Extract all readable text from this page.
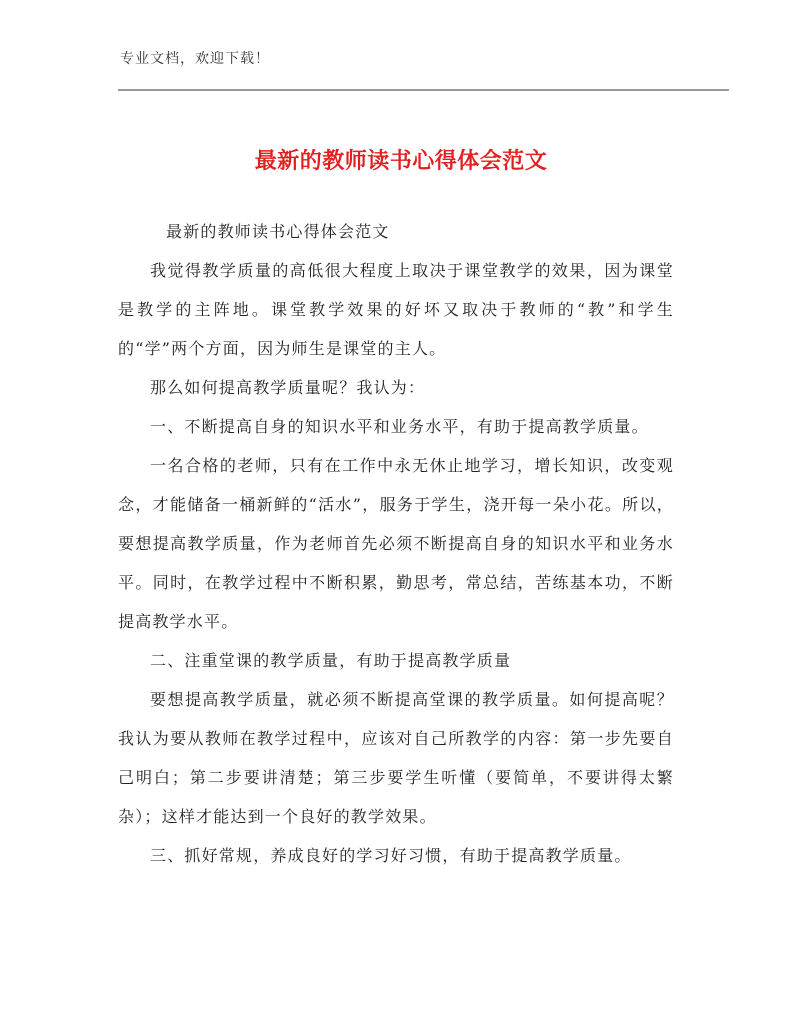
专业文档，欢迎下载！
最新的教师读书心得体会范文

最新的教师读书心得体会范文

我觉得教学质量的高低很大程度上取决于课堂教学的效果，因为课堂是教学的主阵地。课堂教学效果的好坏又取决于教师的“教”和学生的“学”两个方面，因为师生是课堂的主人。

那么如何提高教学质量呢？我认为：

一、不断提高自身的知识水平和业务水平，有助于提高教学质量。

一名合格的老师，只有在工作中永无休止地学习，增长知识，改变观念，才能储备一桶新鲜的“活水”，服务于学生，浇开每一朵小花。所以，要想提高教学质量，作为老师首先必须不断提高自身的知识水平和业务水平。同时，在教学过程中不断积累，勤思考，常总结，苦练基本功，不断提高教学水平。

二、注重堂课的教学质量，有助于提高教学质量

要想提高教学质量，就必须不断提高堂课的教学质量。如何提高呢？我认为要从教师在教学过程中，应该对自己所教学的内容：第一步先要自己明白；第二步要讲清楚；第三步要学生听懂（要简单，不要讲得太繁杂）；这样才能达到一个良好的教学效果。

三、抓好常规，养成良好的学习好习惯，有助于提高教学质量。
